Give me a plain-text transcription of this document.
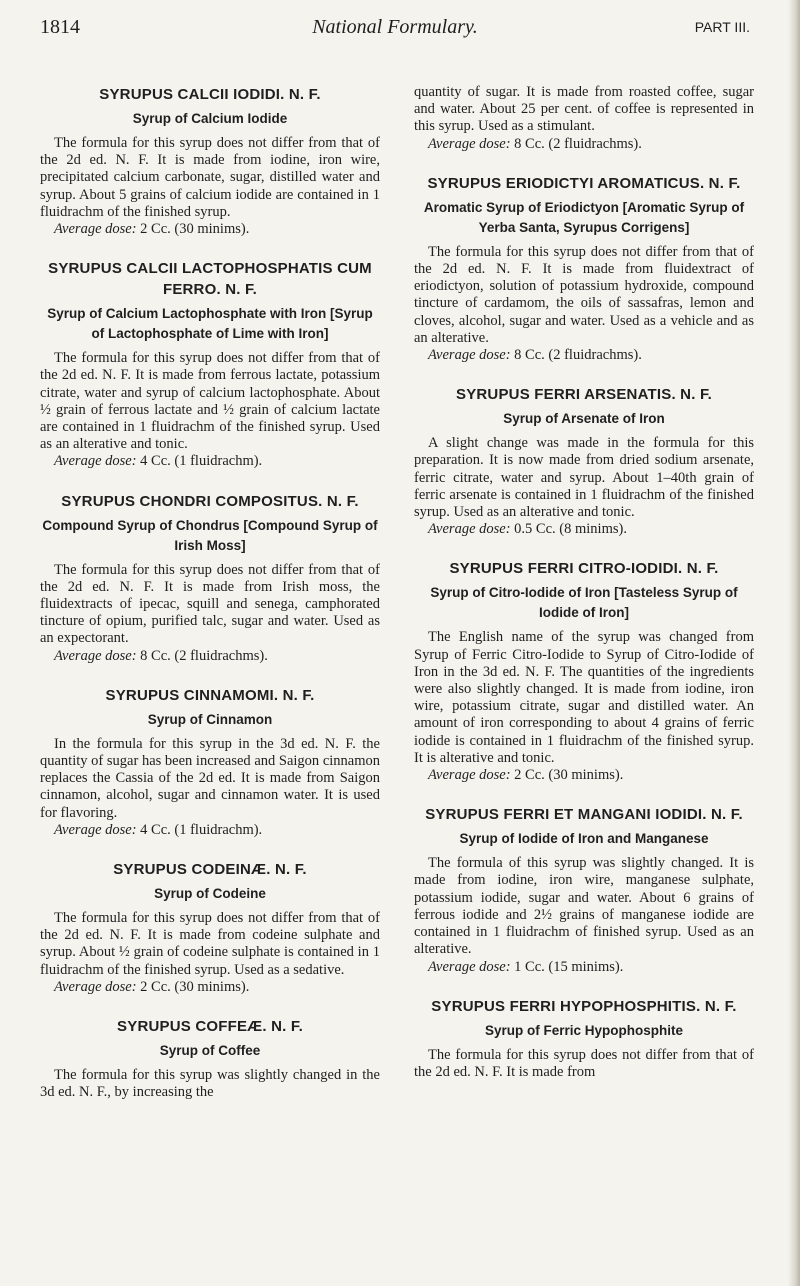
1814	National Formulary.	PART III.
SYRUPUS CALCII IODIDI. N. F.
Syrup of Calcium Iodide
The formula for this syrup does not differ from that of the 2d ed. N. F. It is made from iodine, iron wire, precipitated calcium carbonate, sugar, distilled water and syrup. About 5 grains of calcium iodide are contained in 1 fluidrachm of the finished syrup.
Average dose: 2 Cc. (30 minims).
SYRUPUS CALCII LACTOPHOSPHATIS CUM FERRO. N. F.
Syrup of Calcium Lactophosphate with Iron [Syrup of Lactophosphate of Lime with Iron]
The formula for this syrup does not differ from that of the 2d ed. N. F. It is made from ferrous lactate, potassium citrate, water and syrup of calcium lactophosphate. About ½ grain of ferrous lactate and ½ grain of calcium lactate are contained in 1 fluidrachm of the finished syrup. Used as an alterative and tonic.
Average dose: 4 Cc. (1 fluidrachm).
SYRUPUS CHONDRI COMPOSITUS. N. F.
Compound Syrup of Chondrus [Compound Syrup of Irish Moss]
The formula for this syrup does not differ from that of the 2d ed. N. F. It is made from Irish moss, the fluidextracts of ipecac, squill and senega, camphorated tincture of opium, purified talc, sugar and water. Used as an expectorant.
Average dose: 8 Cc. (2 fluidrachms).
SYRUPUS CINNAMOMI. N. F.
Syrup of Cinnamon
In the formula for this syrup in the 3d ed. N. F. the quantity of sugar has been increased and Saigon cinnamon replaces the Cassia of the 2d ed. It is made from Saigon cinnamon, alcohol, sugar and cinnamon water. It is used for flavoring.
Average dose: 4 Cc. (1 fluidrachm).
SYRUPUS CODEINÆ. N. F.
Syrup of Codeine
The formula for this syrup does not differ from that of the 2d ed. N. F. It is made from codeine sulphate and syrup. About ½ grain of codeine sulphate is contained in 1 fluidrachm of the finished syrup. Used as a sedative.
Average dose: 2 Cc. (30 minims).
SYRUPUS COFFEÆ. N. F.
Syrup of Coffee
The formula for this syrup was slightly changed in the 3d ed. N. F., by increasing the
quantity of sugar. It is made from roasted coffee, sugar and water. About 25 per cent. of coffee is represented in this syrup. Used as a stimulant.
Average dose: 8 Cc. (2 fluidrachms).
SYRUPUS ERIODICTYI AROMATICUS. N. F.
Aromatic Syrup of Eriodictyon [Aromatic Syrup of Yerba Santa, Syrupus Corrigens]
The formula for this syrup does not differ from that of the 2d ed. N. F. It is made from fluidextract of eriodictyon, solution of potassium hydroxide, compound tincture of cardamom, the oils of sassafras, lemon and cloves, alcohol, sugar and water. Used as a vehicle and as an alterative.
Average dose: 8 Cc. (2 fluidrachms).
SYRUPUS FERRI ARSENATIS. N. F.
Syrup of Arsenate of Iron
A slight change was made in the formula for this preparation. It is now made from dried sodium arsenate, ferric citrate, water and syrup. About 1–40th grain of ferric arsenate is contained in 1 fluidrachm of the finished syrup. Used as an alterative and tonic.
Average dose: 0.5 Cc. (8 minims).
SYRUPUS FERRI CITRO-IODIDI. N. F.
Syrup of Citro-Iodide of Iron [Tasteless Syrup of Iodide of Iron]
The English name of the syrup was changed from Syrup of Ferric Citro-Iodide to Syrup of Citro-Iodide of Iron in the 3d ed. N. F. The quantities of the ingredients were also slightly changed. It is made from iodine, iron wire, potassium citrate, sugar and distilled water. An amount of iron corresponding to about 4 grains of ferric iodide is contained in 1 fluidrachm of the finished syrup. It is alterative and tonic.
Average dose: 2 Cc. (30 minims).
SYRUPUS FERRI ET MANGANI IODIDI. N. F.
Syrup of Iodide of Iron and Manganese
The formula of this syrup was slightly changed. It is made from iodine, iron wire, manganese sulphate, potassium iodide, sugar and water. About 6 grains of ferrous iodide and 2½ grains of manganese iodide are contained in 1 fluidrachm of finished syrup. Used as an alterative.
Average dose: 1 Cc. (15 minims).
SYRUPUS FERRI HYPOPHOSPHITIS. N. F.
Syrup of Ferric Hypophosphite
The formula for this syrup does not differ from that of the 2d ed. N. F. It is made from
